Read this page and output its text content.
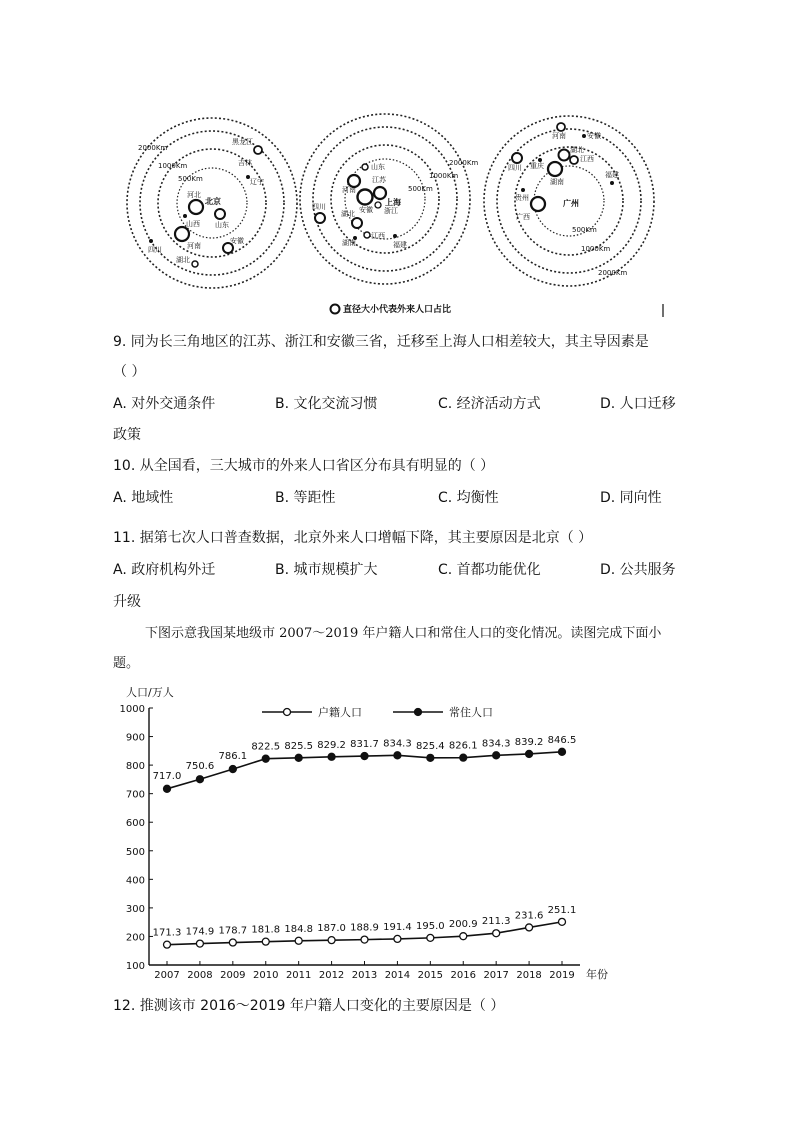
2000Km
1000Km
500Km
北京
黑龙江
吉林
辽宁
河北
山西 山东
安徽
河南
湖北
四川
2000Km
1000Km
500Km
上海
山东
江苏
河南
安徽
湖北	浙江
江西
四川
湖南	福建
2000Km
1000Km
500Km
广州
河南	安徽
湖北
四川 重庆
江西
湖南
福建
贵州
广西
直径大小代表外来人口占比
9. 同为长三角地区的江苏、浙江和安徽三省，迁移至上海人口相差较大，其主导因素是
（ ）
A. 对外交通条件	B. 文化交流习惯	C. 经济活动方式	D. 人口迁移
政策
10. 从全国看，三大城市的外来人口省区分布具有明显的（ ）
A. 地域性	B. 等距性	C. 均衡性	D. 同向性
11. 据第七次人口普查数据，北京外来人口增幅下降，其主要原因是北京（ ）
A. 政府机构外迁	B. 城市规模扩大	C. 首都功能优化	D. 公共服务
升级
下图示意我国某地级市 2007～2019 年户籍人口和常住人口的变化情况。读图完成下面小
题。
人口/万人
年份
100
200
300
400
500
600
700
800
900
1000
2007 2008 2009 2010 2011 2012 2013 2014 2015 2016 2017 2018 2019
户籍人口	常住人口
171.3 174.9 178.7 181.8 184.8 187.0 188.9 191.4 195.0 200.9 211.3
231.6
251.1
717.0
750.6
786.1
822.5 825.5 829.2 831.7 834.3 825.4 826.1 834.3 839.2 846.5
12. 推测该市 2016～2019 年户籍人口变化的主要原因是（ ）
